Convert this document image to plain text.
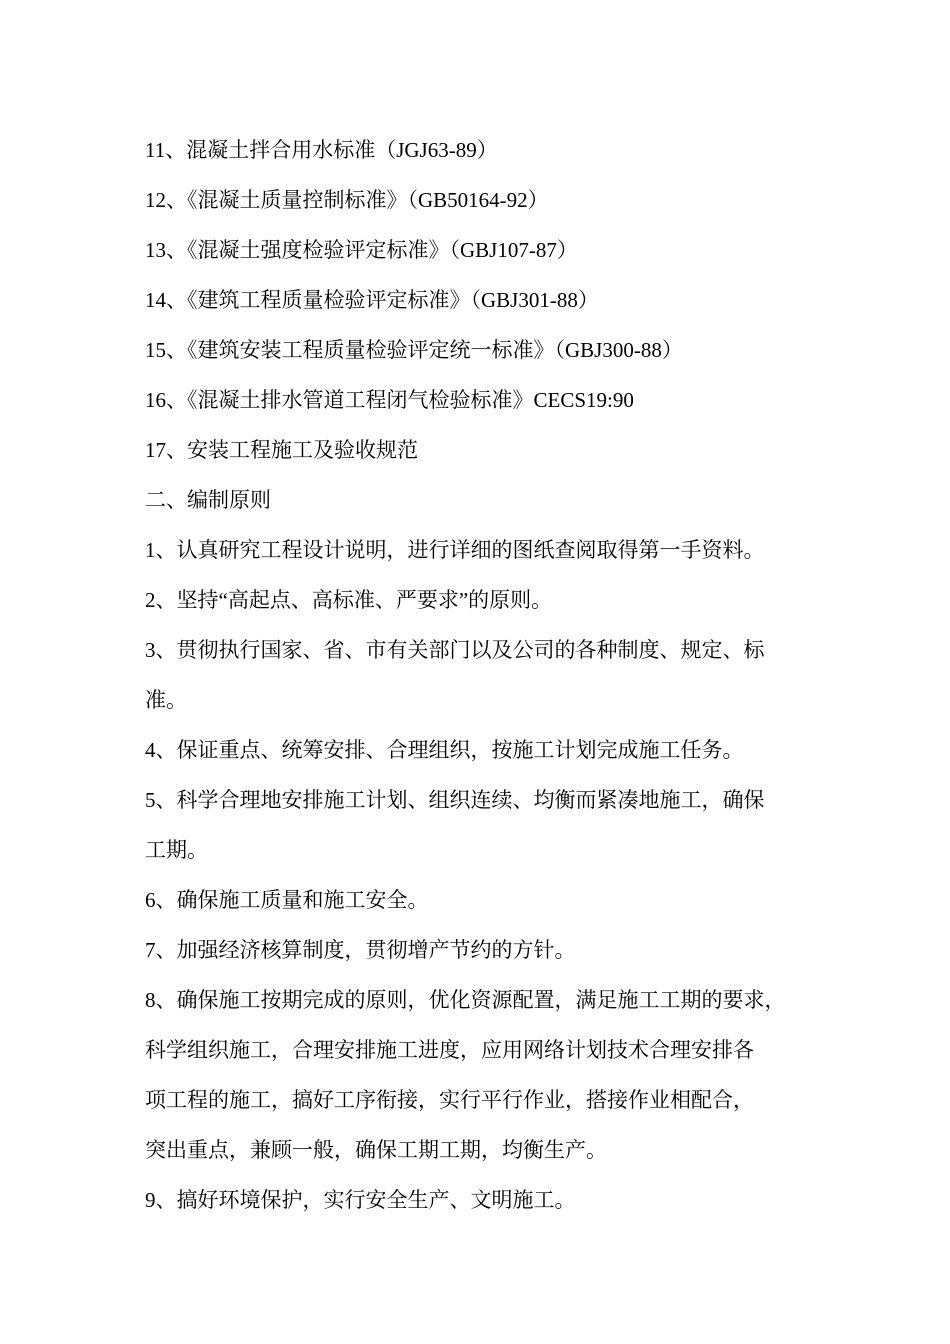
11、混凝土拌合用水标准（JGJ63-89）
12、《混凝土质量控制标准》（GB50164-92）
13、《混凝土强度检验评定标准》（GBJ107-87）
14、《建筑工程质量检验评定标准》（GBJ301-88）
15、《建筑安装工程质量检验评定统一标准》（GBJ300-88）
16、《混凝土排水管道工程闭气检验标准》CECS19:90
17、安装工程施工及验收规范
二、编制原则
1、认真研究工程设计说明，进行详细的图纸查阅取得第一手资料。
2、坚持“高起点、高标准、严要求”的原则。
3、贯彻执行国家、省、市有关部门以及公司的各种制度、规定、标
准。
4、保证重点、统筹安排、合理组织，按施工计划完成施工任务。
5、科学合理地安排施工计划、组织连续、均衡而紧凑地施工，确保
工期。
6、确保施工质量和施工安全。
7、加强经济核算制度，贯彻增产节约的方针。
8、确保施工按期完成的原则，优化资源配置，满足施工工期的要求，
科学组织施工，合理安排施工进度，应用网络计划技术合理安排各
项工程的施工，搞好工序衔接，实行平行作业，搭接作业相配合，
突出重点，兼顾一般，确保工期工期，均衡生产。
9、搞好环境保护，实行安全生产、文明施工。
